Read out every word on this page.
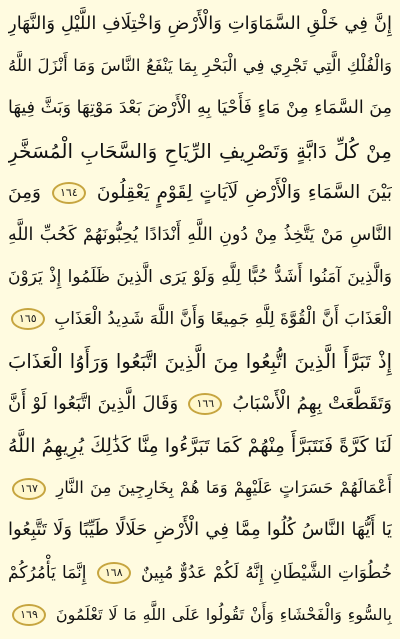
إِنَّ فِي خَلْقِ السَّمَاوَاتِ وَالْأَرْضِ وَاخْتِلَافِ اللَّيْلِ وَالنَّهَارِ
وَالْفُلْكِ الَّتِي تَجْرِي فِي الْبَحْرِ بِمَا يَنْفَعُ النَّاسَ وَمَا أَنْزَلَ اللَّهُ
مِنَ السَّمَاءِ مِنْ مَاءٍ فَأَحْيَا بِهِ الْأَرْضَ بَعْدَ مَوْتِهَا وَبَثَّ فِيهَا
مِنْ كُلِّ دَابَّةٍ وَتَصْرِيفِ الرِّيَاحِ وَالسَّحَابِ الْمُسَخَّرِ
بَيْنَ السَّمَاءِ وَالْأَرْضِ لَآيَاتٍ لِقَوْمٍ يَعْقِلُونَ ١٦٤ وَمِنَ
النَّاسِ مَنْ يَتَّخِذُ مِنْ دُونِ اللَّهِ أَنْدَادًا يُحِبُّونَهُمْ كَحُبِّ اللَّهِ
وَالَّذِينَ آمَنُوا أَشَدُّ حُبًّا لِلَّهِ وَلَوْ يَرَى الَّذِينَ ظَلَمُوا إِذْ يَرَوْنَ
الْعَذَابَ أَنَّ الْقُوَّةَ لِلَّهِ جَمِيعًا وَأَنَّ اللَّهَ شَدِيدُ الْعَذَابِ ١٦٥
إِذْ تَبَرَّأَ الَّذِينَ اتُّبِعُوا مِنَ الَّذِينَ اتَّبَعُوا وَرَأَوُا الْعَذَابَ
وَتَقَطَّعَتْ بِهِمُ الْأَسْبَابُ ١٦٦ وَقَالَ الَّذِينَ اتَّبَعُوا لَوْ أَنَّ
لَنَا كَرَّةً فَنَتَبَرَّأَ مِنْهُمْ كَمَا تَبَرَّءُوا مِنَّا كَذَٰلِكَ يُرِيهِمُ اللَّهُ
أَعْمَالَهُمْ حَسَرَاتٍ عَلَيْهِمْ وَمَا هُمْ بِخَارِجِينَ مِنَ النَّارِ ١٦٧
يَا أَيُّهَا النَّاسُ كُلُوا مِمَّا فِي الْأَرْضِ حَلَالًا طَيِّبًا وَلَا تَتَّبِعُوا
خُطُوَاتِ الشَّيْطَانِ إِنَّهُ لَكُمْ عَدُوٌّ مُبِينٌ ١٦٨ إِنَّمَا يَأْمُرُكُمْ
بِالسُّوءِ وَالْفَحْشَاءِ وَأَنْ تَقُولُوا عَلَى اللَّهِ مَا لَا تَعْلَمُونَ ١٦٩
